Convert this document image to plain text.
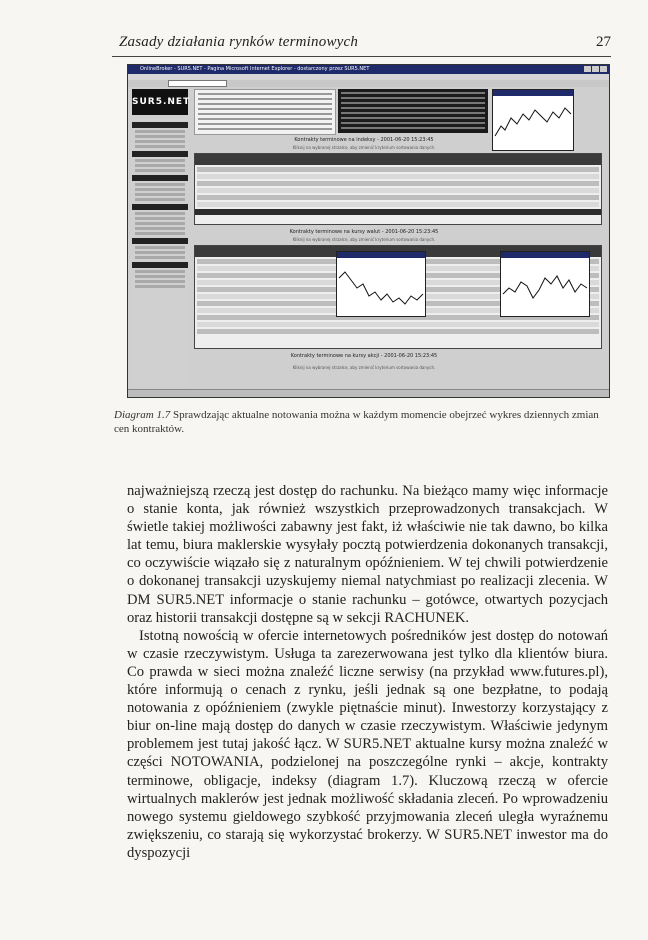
Zasady działania rynków terminowych	27
OnlineBroker - SUR5.NET - Pagina Microsoft Internet Explorer - dostarczony przez SUR5.NET

SUR5.NET
Kontrakty terminowe na indeksy - 2001-06-20 15:23:45
Kliknij na wybranej strzałce, aby zmienić kryterium sortowania danych.
Kontrakty terminowe na kursy walut - 2001-06-20 15:23:45
Kliknij na wybranej strzałce, aby zmienić kryterium sortowania danych.
Kontrakty terminowe na kursy akcji - 2001-06-20 15:23:45
Kliknij na wybranej strzałce, aby zmienić kryterium sortowania danych.
Diagram 1.7 Sprawdzając aktualne notowania można w każdym momencie obejrzeć wykres dziennych zmian cen kontraktów.

najważniejszą rzeczą jest dostęp do rachunku. Na bieżąco mamy więc informacje o stanie konta, jak również wszystkich przeprowadzonych transakcjach. W świetle takiej możliwości zabawny jest fakt, iż właściwie nie tak dawno, bo kilka lat temu, biura maklerskie wysyłały pocztą potwierdzenia dokonanych transakcji, co oczywiście wiązało się z naturalnym opóźnieniem. W tej chwili potwierdzenie o dokonanej transakcji uzyskujemy niemal natychmiast po realizacji zlecenia. W DM SUR5.NET informacje o stanie rachunku – gotówce, otwartych pozycjach oraz historii transakcji dostępne są w sekcji RACHUNEK.

Istotną nowością w ofercie internetowych pośredników jest dostęp do notowań w czasie rzeczywistym. Usługa ta zarezerwowana jest tylko dla klientów biura. Co prawda w sieci można znaleźć liczne serwisy (na przykład www.futures.pl), które informują o cenach z rynku, jeśli jednak są one bezpłatne, to podają notowania z opóźnieniem (zwykle piętnaście minut). Inwestorzy korzystający z biur on-line mają dostęp do danych w czasie rzeczywistym. Właściwie jedynym problemem jest tutaj jakość łącz. W SUR5.NET aktualne kursy można znaleźć w części NOTOWANIA, podzielonej na poszczególne rynki – akcje, kontrakty terminowe, obligacje, indeksy (diagram 1.7). Kluczową rzeczą w ofercie wirtualnych maklerów jest jednak możliwość składania zleceń. Po wprowadzeniu nowego systemu gieldowego szybkość przyjmowania zleceń uległa wyraźnemu zwiększeniu, co starają się wykorzystać brokerzy. W SUR5.NET inwestor ma do dyspozycji
